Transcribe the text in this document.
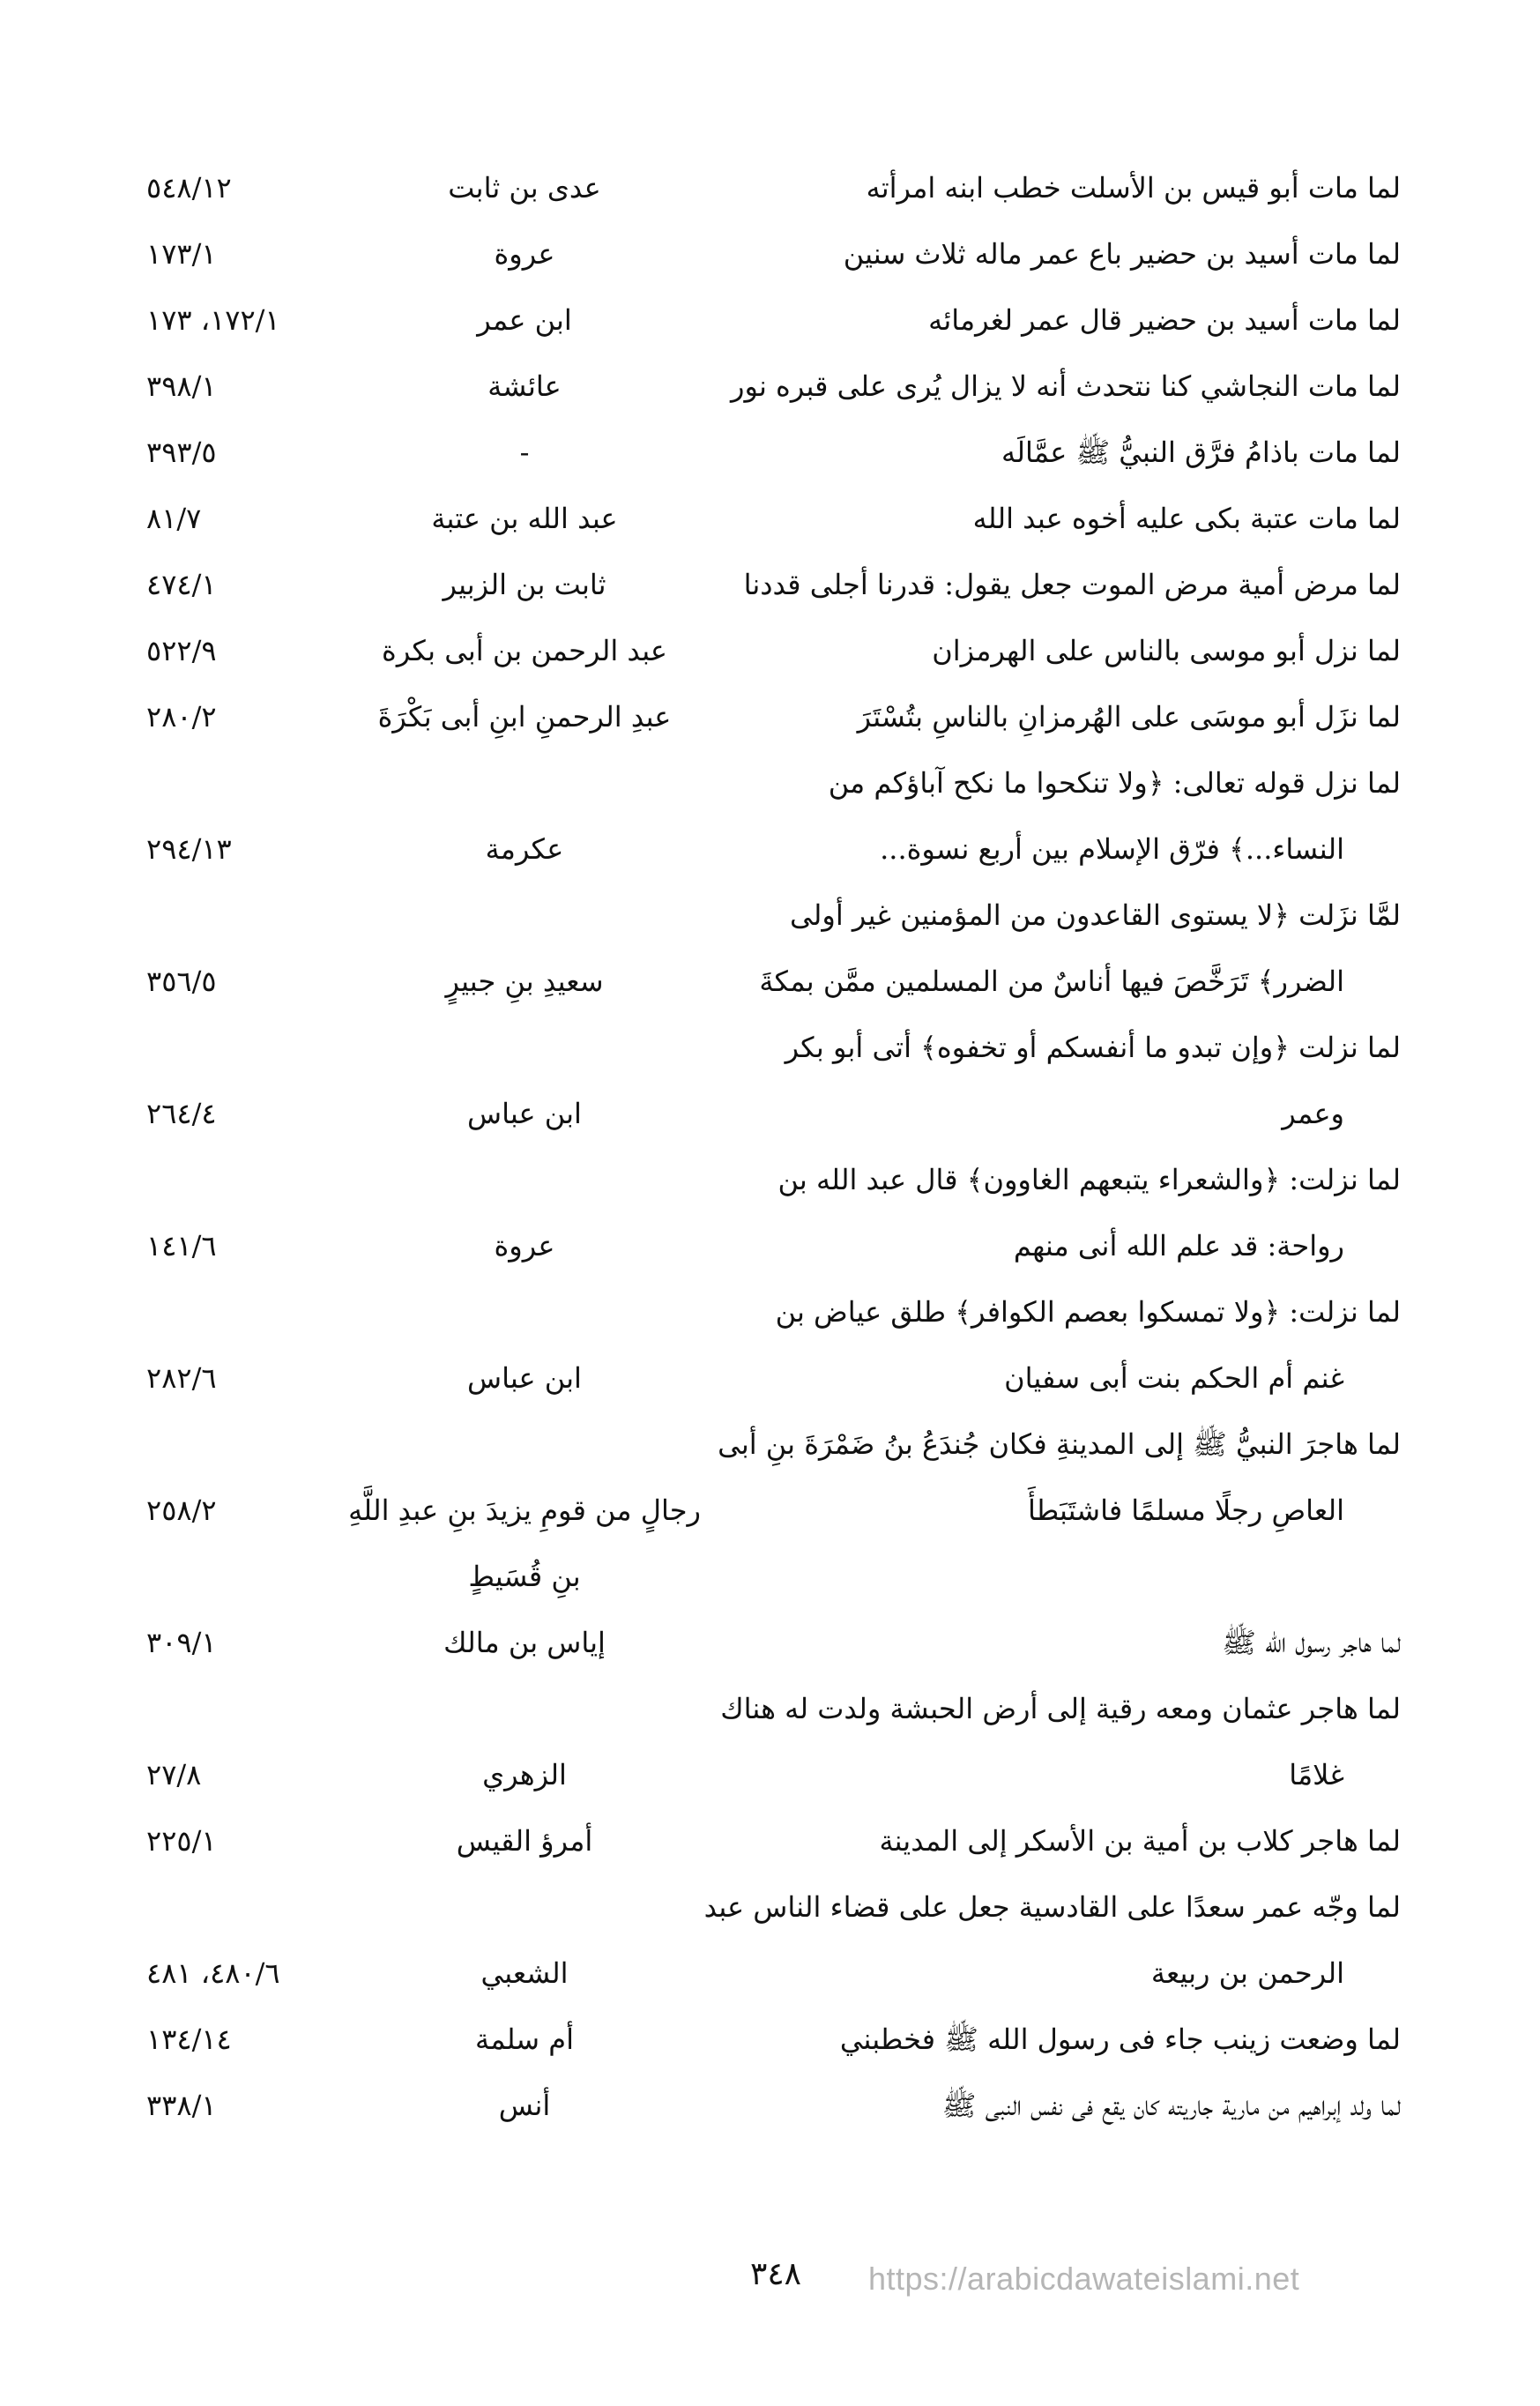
لما مات أبو قيس بن الأسلت خطب ابنه امرأته
عدى بن ثابت
٥٤٨/١٢
لما مات أسيد بن حضير باع عمر ماله ثلاث سنين
عروة
١٧٣/١
لما مات أسيد بن حضير قال عمر لغرمائه
ابن عمر
١٧٢/١، ١٧٣
لما مات النجاشي كنا نتحدث أنه لا يزال يُرى على قبره نور
عائشة
٣٩٨/١
لما مات باذامُ فرَّق النبيُّ ﷺ عمَّالَه
-
٣٩٣/٥
لما مات عتبة بكى عليه أخوه عبد الله
عبد الله بن عتبة
٨١/٧
لما مرض أمية مرض الموت جعل يقول: قدرنا أجلى قددنا
ثابت بن الزبير
٤٧٤/١
لما نزل أبو موسى بالناس على الهرمزان
عبد الرحمن بن أبى بكرة
٥٢٢/٩
لما نزَل أبو موسَى على الهُرمزانِ بالناسِ بتُسْتَرَ
عبدِ الرحمنِ ابنِ أبى بَكْرَةَ
٢٨٠/٢
لما نزل قوله تعالى: ﴿ولا تنكحوا ما نكح آباؤكم من
النساء...﴾ فرّق الإسلام بين أربع نسوة...
عكرمة
٢٩٤/١٣
لمَّا نزَلت ﴿لا يستوى القاعدون من المؤمنين غير أولى
الضرر﴾ تَرَخَّصَ فيها أناسٌ من المسلمين ممَّن بمكةَ
سعيدِ بنِ جبيرٍ
٣٥٦/٥
لما نزلت ﴿وإن تبدو ما أنفسكم أو تخفوه﴾ أتى أبو بكر
وعمر
ابن عباس
٢٦٤/٤
لما نزلت: ﴿والشعراء يتبعهم الغاوون﴾ قال عبد الله بن
رواحة: قد علم الله أنى منهم
عروة
١٤١/٦
لما نزلت: ﴿ولا تمسكوا بعصم الكوافر﴾ طلق عياض بن
غنم أم الحكم بنت أبى سفيان
ابن عباس
٢٨٢/٦
لما هاجرَ النبيُّ ﷺ إلى المدينةِ فكان جُندَعُ بنُ ضَمْرَةَ بنِ أبى
العاصِ رجلًا مسلمًا فاشتَبَطأَ
رجالٍ من قومِ يزيدَ بنِ عبدِ اللَّهِ
٢٥٨/٢
بنِ قُسَيطٍ
لما هاجر رسول الله ﷺ
إياس بن مالك
٣٠٩/١
لما هاجر عثمان ومعه رقية إلى أرض الحبشة ولدت له هناك
غلامًا
الزهري
٢٧/٨
لما هاجر كلاب بن أمية بن الأسكر إلى المدينة
أمرؤ القيس
٢٢٥/١
لما وجّه عمر سعدًا على القادسية جعل على قضاء الناس عبد
الرحمن بن ربيعة
الشعبي
٤٨٠/٦، ٤٨١
لما وضعت زينب جاء فى رسول الله ﷺ فخطبني
أم سلمة
١٣٤/١٤
لما ولد إبراهيم من مارية جاريته كان يقع فى نفس النبى ﷺ
أنس
٣٣٨/١
٣٤٨	https://arabicdawateislami.net
